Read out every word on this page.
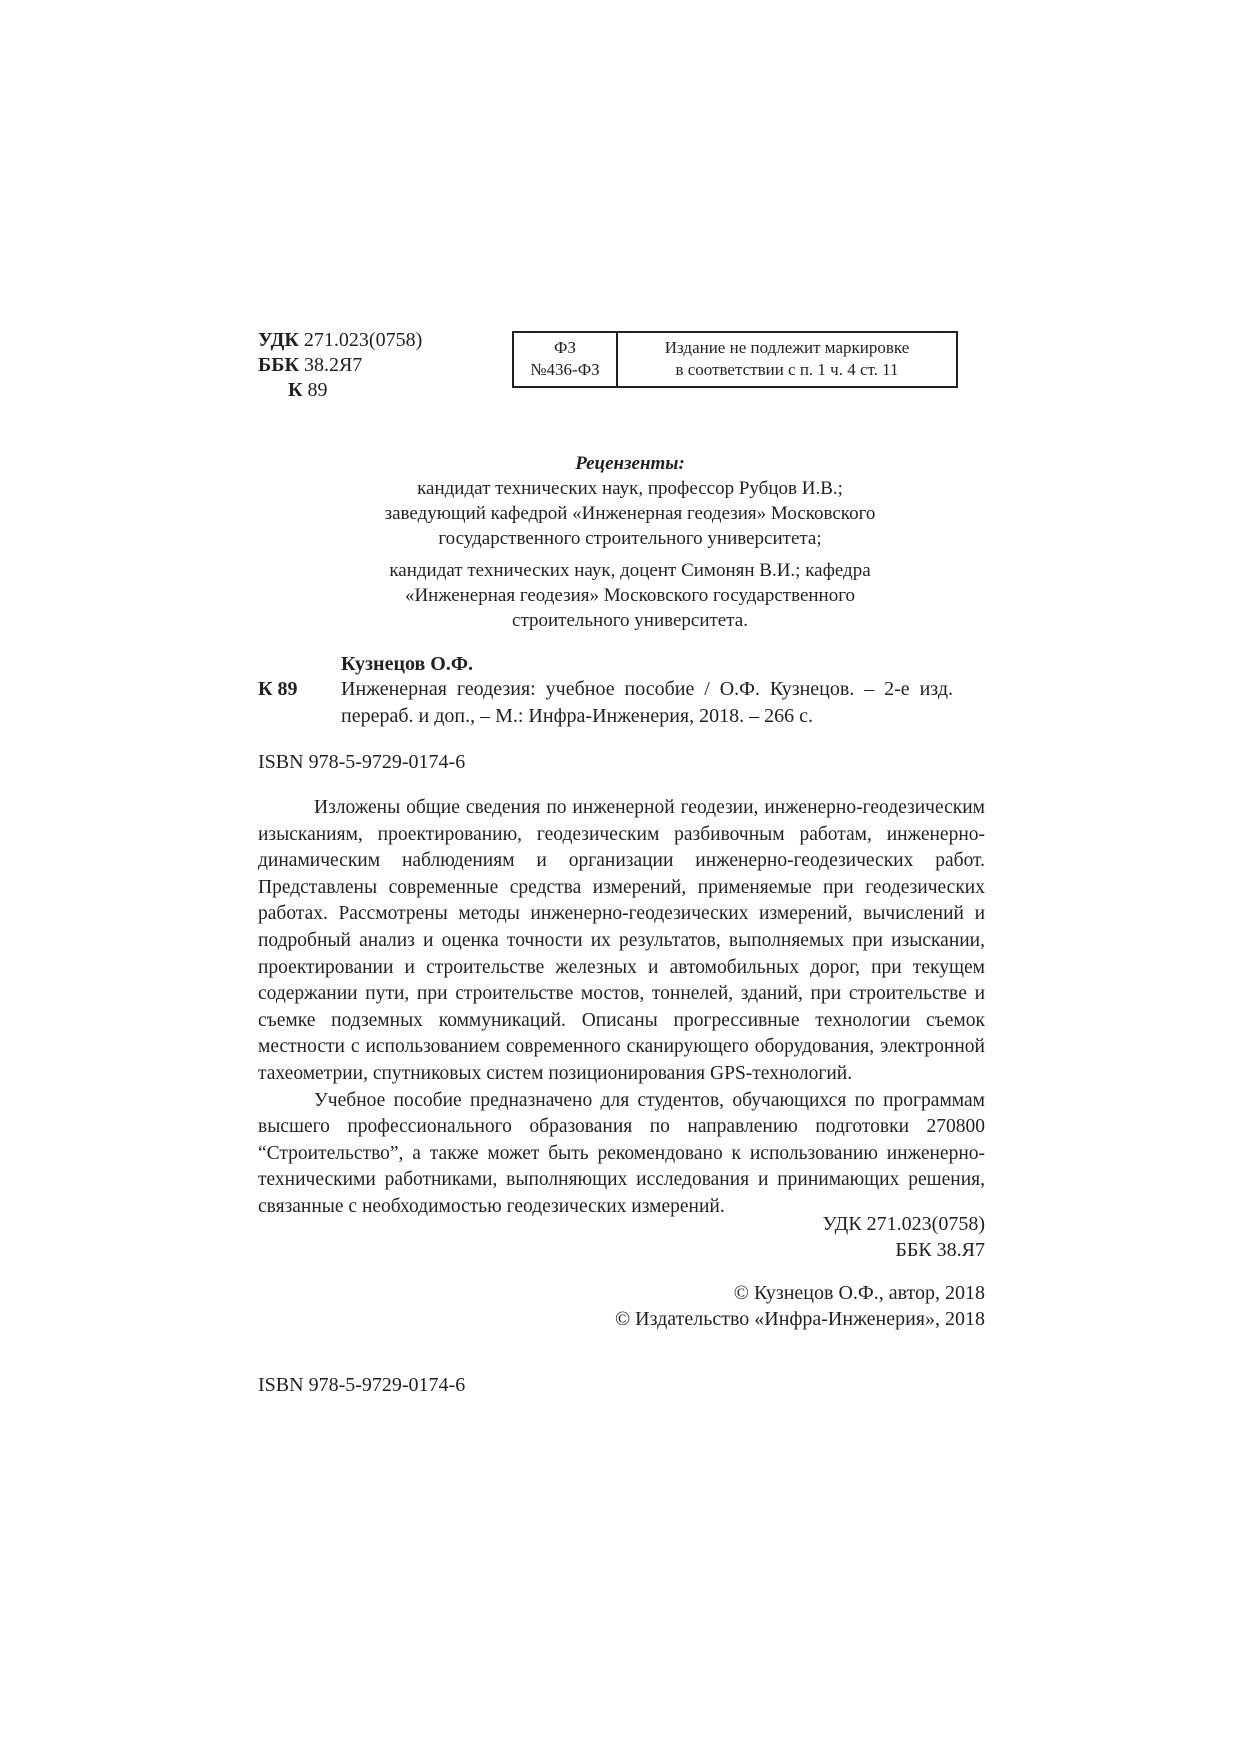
УДК 271.023(0758)
ББК 38.2Я7
К 89
ФЗ
№436-ФЗ
Издание не подлежит маркировке
в соответствии с п. 1 ч. 4 ст. 11

Рецензенты:

кандидат технических наук, профессор Рубцов И.В.;

заведующий кафедрой «Инженерная геодезия» Московского

государственного строительного университета;

кандидат технических наук, доцент Симонян В.И.; кафедра

«Инженерная геодезия» Московского государственного

строительного университета.

Кузнецов О.Ф.
К 89 Инженерная геодезия: учебное пособие / О.Ф. Кузнецов. – 2-е изд. перераб. и доп., – М.: Инфра-Инженерия, 2018. – 266 с.
ISBN 978-5-9729-0174-6

Изложены общие сведения по инженерной геодезии, инженерно-геодезическим изысканиям, проектированию, геодезическим разбивочным работам, инженерно-динамическим наблюдениям и организации инженерно-геодезических работ. Представлены современные средства измерений, применяемые при геодезических работах. Рассмотрены методы инженерно-геодезических измерений, вычислений и подробный анализ и оценка точности их результатов, выполняемых при изыскании, проектировании и строительстве железных и автомобильных дорог, при текущем содержании пути, при строительстве мостов, тоннелей, зданий, при строительстве и съемке подземных коммуникаций. Описаны прогрессивные технологии съемок местности с использованием современного сканирующего оборудования, электронной тахеометрии, спутниковых систем позиционирования GPS-технологий.

Учебное пособие предназначено для студентов, обучающихся по программам высшего профессионального образования по направлению подготовки 270800 “Строительство”, а также может быть рекомендовано к использованию инженерно-техническими работниками, выполняющих исследования и принимающих решения, связанные с необходимостью геодезических измерений.

УДК 271.023(0758)
ББК 38.Я7
© Кузнецов О.Ф., автор, 2018
© Издательство «Инфра-Инженерия», 2018
ISBN 978-5-9729-0174-6
